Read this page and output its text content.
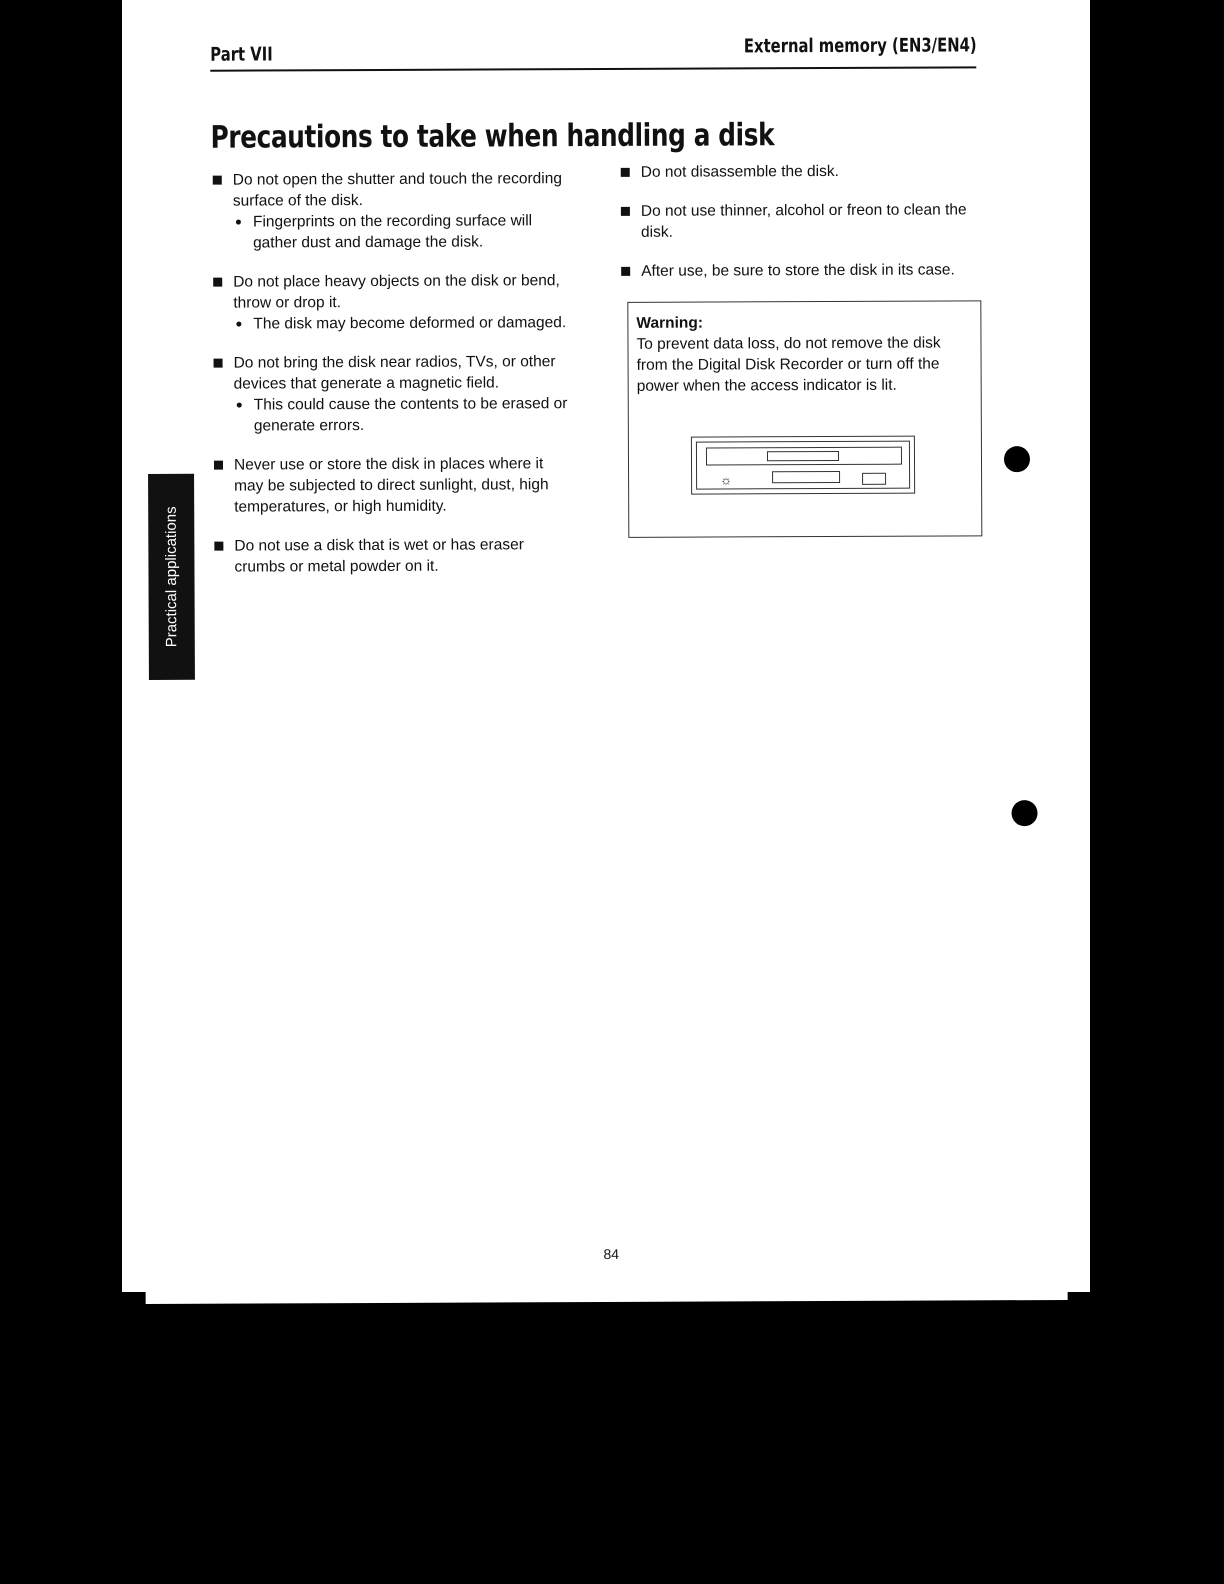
Part VII	External memory (EN3/EN4)
Precautions to take when handling a disk
Do not open the shutter and touch the recording surface of the disk.
Fingerprints on the recording surface will gather dust and damage the disk.
Do not place heavy objects on the disk or bend, throw or drop it.
The disk may become deformed or damaged.
Do not bring the disk near radios, TVs, or other devices that generate a magnetic field.
This could cause the contents to be erased or generate errors.
Never use or store the disk in places where it may be subjected to direct sunlight, dust, high temperatures, or high humidity.
Do not use a disk that is wet or has eraser crumbs or metal powder on it.
Do not disassemble the disk.
Do not use thinner, alcohol or freon to clean the disk.
After use, be sure to store the disk in its case.
Warning:
To prevent data loss, do not remove the disk from the Digital Disk Recorder or turn off the power when the access indicator is lit.
☼
Practical applications
84
